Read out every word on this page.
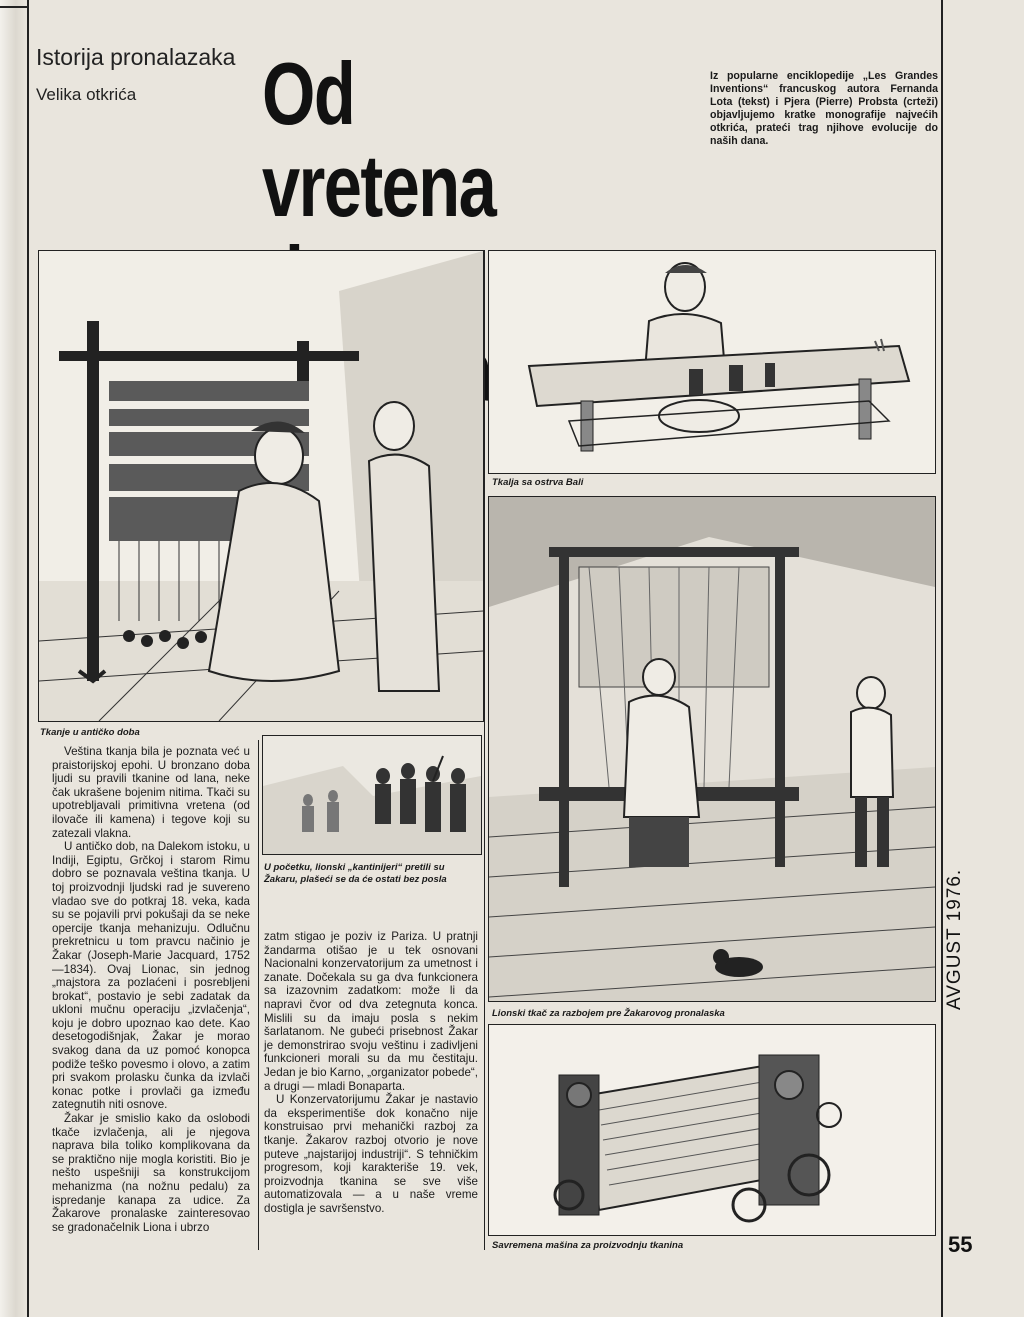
Istorija pronalazaka
Velika otkrića	Od vretena
Iz popularne enciklopedije „Les Grandes Inventions“ francuskog autora Fernanda Lota (tekst) i Pjera (Pierre) Probsta (crteži) objavljujemo kratke monografije najvećih otkrića, prateći trag njihove evolucije do naših dana.
Tkanje u antičko doba
Tkalja sa ostrva Bali
Lionski tkač za razbojem pre Žakarovog pronalaska
Savremena mašina za proizvodnju tkanina
U početku, lionski „kantinijeri“ pretili su Žakaru, plašeći se da će ostati bez posla

Veština tkanja bila je poznata već u praistorijskoj epohi. U bronzano doba ljudi su pravili tkanine od lana, neke čak ukrašene bojenim nitima. Tkači su upotrebljavali primitivna vretena (od ilovače ili kamena) i tegove koji su zatezali vlakna.

U antičko dob, na Dalekom istoku, u Indiji, Egiptu, Grčkoj i starom Rimu dobro se poznavala veština tkanja. U toj proizvodnji ljudski rad je suvereno vladao sve do potkraj 18. veka, kada su se pojavili prvi pokušaji da se neke opercije tkanja mehanizuju. Odlučnu prekretnicu u tom pravcu načinio je Žakar (Joseph-Marie Jacquard, 1752—1834). Ovaj Lionac, sin jednog „majstora za pozlaćeni i posrebljeni brokat“, postavio je sebi zadatak da ukloni mučnu operaciju „izvlačenja“, koju je dobro upoznao kao dete. Kao desetogodišnjak, Žakar je morao svakog dana da uz pomoć konopca podiže teško povesmo i olovo, a zatim pri svakom prolasku čunka da izvlači konac potke i provlači ga između zategnutih niti osnove.

Žakar je smislio kako da oslobodi tkače izvlačenja, ali je njegova naprava bila toliko komplikovana da se praktično nije mogla koristiti. Bio je nešto uspešniji sa konstrukcijom mehanizma (na nožnu pedalu) za ispredanje kanapa za udice. Za Žakarove pronalaske zainteresovao se gradonačelnik Liona i ubrzo

zatm stigao je poziv iz Pariza. U pratnji žandarma otišao je u tek osnovani Nacionalni konzervatorijum za umetnost i zanate. Dočekala su ga dva funkcionera sa izazovnim zadatkom: može li da napravi čvor od dva zetegnuta konca. Mislili su da imaju posla s nekim šarlatanom. Ne gubeći prisebnost Žakar je demonstrirao svoju veštinu i zadivljeni funkcioneri morali su da mu čestitaju. Jedan je bio Karno, „organizator pobede“, a drugi — mladi Bonaparta.

U Konzervatorijumu Žakar je nastavio da eksperimentiše dok konačno nije konstruisao prvi mehanički razboj za tkanje. Žakarov razboj otvorio je nove puteve „najstarijoj industriji“. S tehničkim progresom, koji karakteriše 19. vek, proizvodnja tkanina se sve više automatizovala — a u naše vreme dostigla je savršenstvo.

AVGUST 1976.
55
